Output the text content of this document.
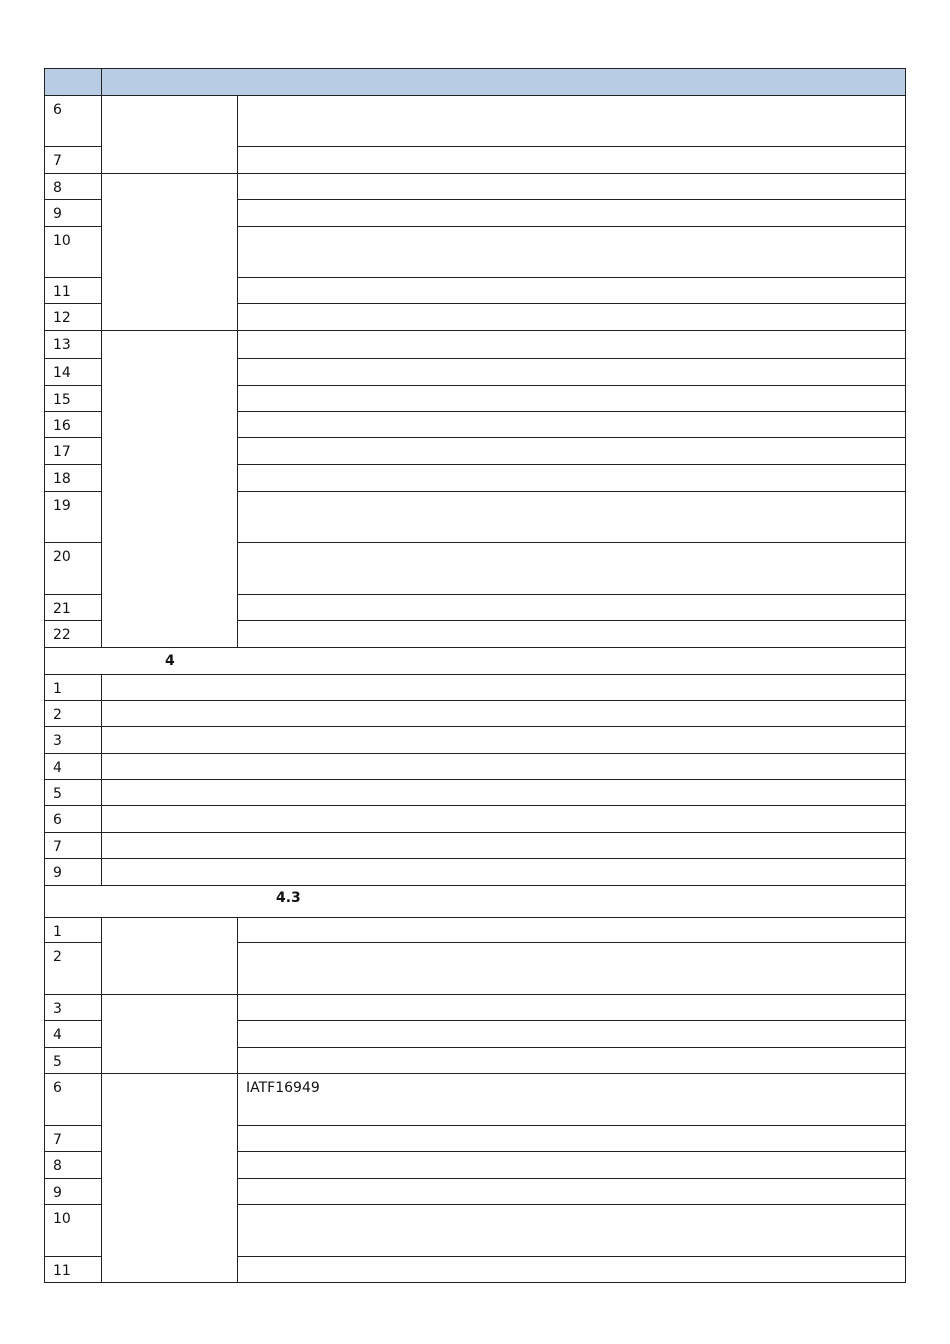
6
7
8
9
10
11
12
13
14
15
16
17
18
19
20
21
22
4
1
2
3
4
5
6
7
9
4.3
1
2
3
4
5
6	IATF16949
7
8
9
10
11
